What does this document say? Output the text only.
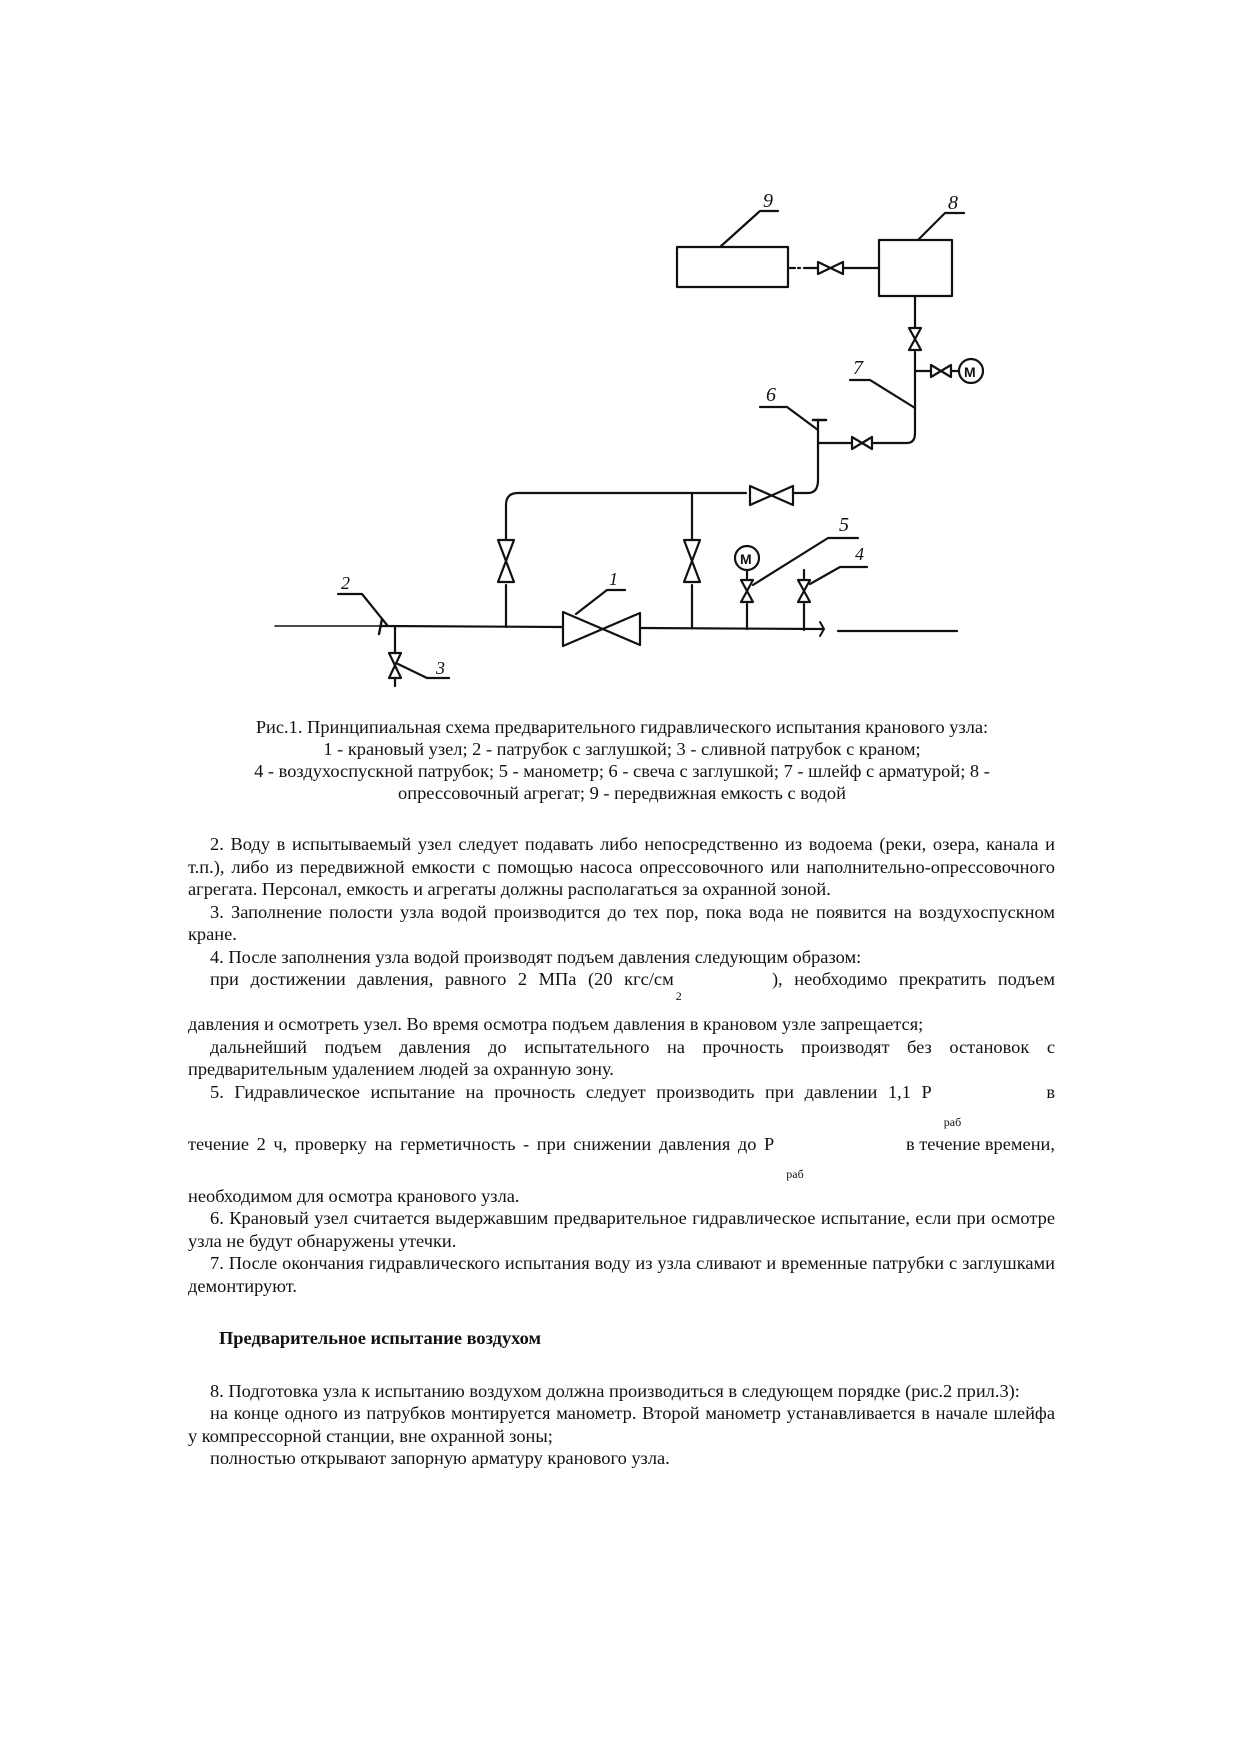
1
6
7	М
8
9
М
5
4
3
2
Рис.1. Принципиальная схема предварительного гидравлического испытания кранового узла:
1 - крановый узел; 2 - патрубок с заглушкой; 3 - сливной патрубок с краном;
4 - воздухоспускной патрубок; 5 - манометр; 6 - свеча с заглушкой; 7 - шлейф с арматурой; 8 -
опрессовочный агрегат; 9 - передвижная емкость с водой

2. Воду в испытываемый узел следует подавать либо непосредственно из водоема (реки, озера, канала и т.п.), либо из передвижной емкости с помощью насоса опрессовочного или наполнительно-опрессовочного агрегата. Персонал, емкость и агрегаты должны располагаться за охранной зоной.

3. Заполнение полости узла водой производится до тех пор, пока вода не появится на воздухоспускном кране.

4. После заполнения узла водой производят подъем давления следующим образом:

при достижении давления, равного 2 МПа (20 кгс/см
2
), необходимо прекратить подъем

давления и осмотреть узел. Во время осмотра подъем давления в крановом узле запрещается;

дальнейший подъем давления до испытательного на прочность производят без остановок с предварительным удалением людей за охранную зону.

5. Гидравлическое испытание на прочность следует производить при давлении 1,1 Р
раб
в
течение 2 ч, проверку на герметичность - при снижении давления до Р
раб
в течение времени,

необходимом для осмотра кранового узла.

6. Крановый узел считается выдержавшим предварительное гидравлическое испытание, если при осмотре узла не будут обнаружены утечки.

7. После окончания гидравлического испытания воду из узла сливают и временные патрубки с заглушками демонтируют.

Предварительное испытание воздухом

8. Подготовка узла к испытанию воздухом должна производиться в следующем порядке (рис.2 прил.3):

на конце одного из патрубков монтируется манометр. Второй манометр устанавливается в начале шлейфа у компрессорной станции, вне охранной зоны;

полностью открывают запорную арматуру кранового узла.
